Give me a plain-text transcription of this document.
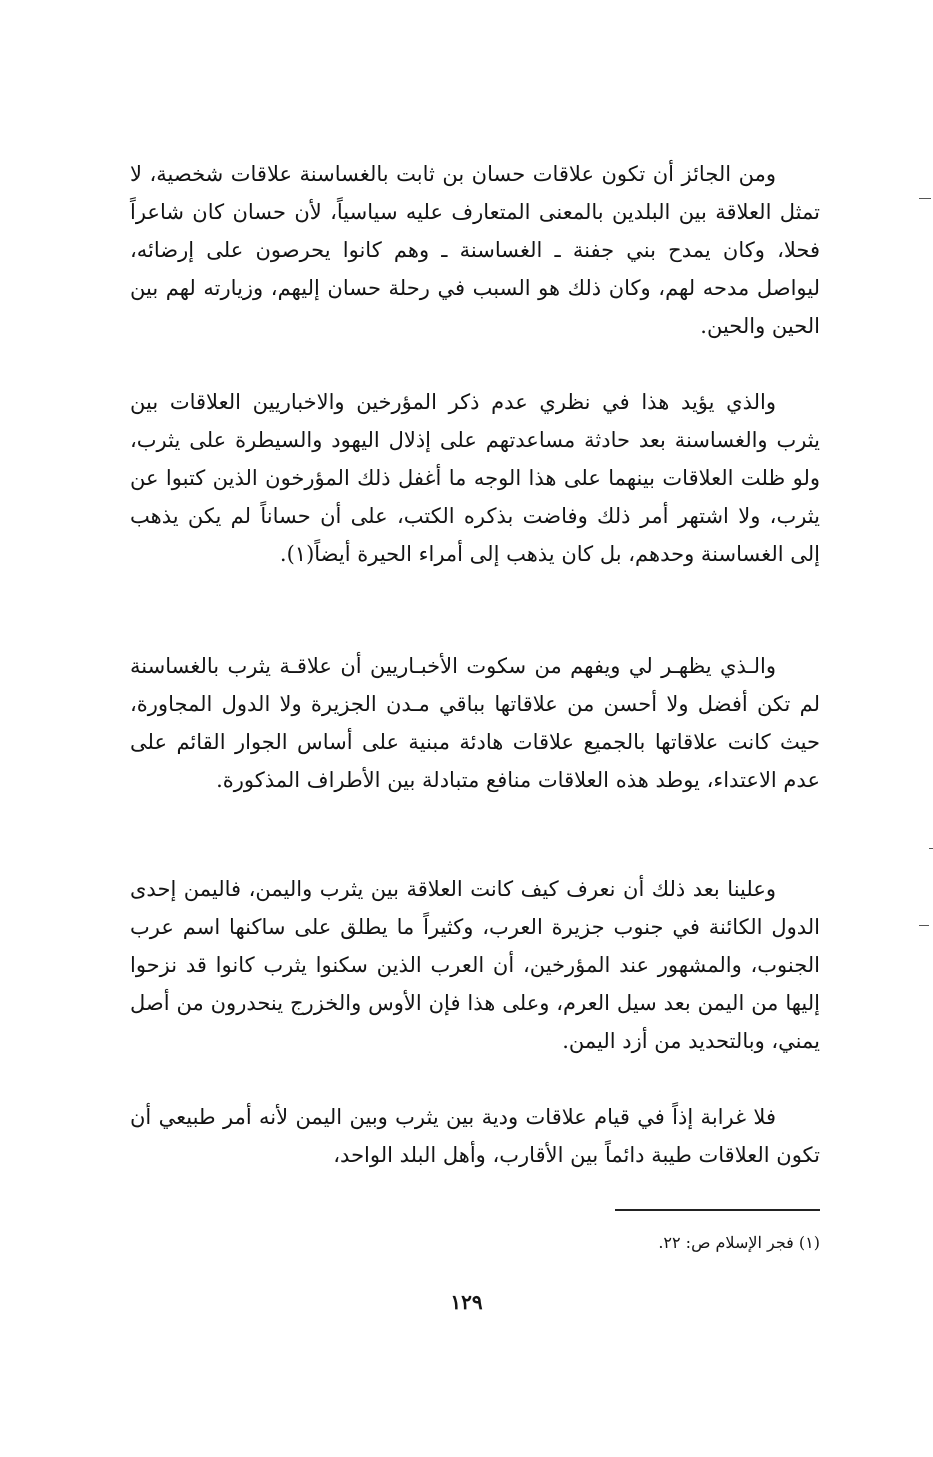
ومن الجائز أن تكون علاقات حسان بن ثابت بالغساسنة علاقات شخصية، لا تمثل العلاقة بين البلدين بالمعنى المتعارف عليه سياسياً، لأن حسان كان شاعراً فحلا، وكان يمدح بني جفنة ـ الغساسنة ـ وهم كانوا يحرصون على إرضائه، ليواصل مدحه لهم، وكان ذلك هو السبب في رحلة حسان إليهم، وزيارته لهم بين الحين والحين.

والذي يؤيد هذا في نظري عدم ذكر المؤرخين والاخباريين العلاقات بين يثرب والغساسنة بعد حادثة مساعدتهم على إذلال اليهود والسيطرة على يثرب، ولو ظلت العلاقات بينهما على هذا الوجه ما أغفل ذلك المؤرخون الذين كتبوا عن يثرب، ولا اشتهر أمر ذلك وفاضت بذكره الكتب، على أن حساناً لم يكن يذهب إلى الغساسنة وحدهم، بل كان يذهب إلى أمراء الحيرة أيضاً(١).

والـذي يظهـر لي ويفهم من سكوت الأخبـاريين أن علاقـة يثرب بالغساسنة لم تكن أفضل ولا أحسن من علاقاتها بباقي مـدن الجزيرة ولا الدول المجاورة، حيث كانت علاقاتها بالجميع علاقات هادئة مبنية على أساس الجوار القائم على عدم الاعتداء، يوطد هذه العلاقات منافع متبادلة بين الأطراف المذكورة.

وعلينا بعد ذلك أن نعرف كيف كانت العلاقة بين يثرب واليمن، فاليمن إحدى الدول الكائنة في جنوب جزيرة العرب، وكثيراً ما يطلق على ساكنها اسم عرب الجنوب، والمشهور عند المؤرخين، أن العرب الذين سكنوا يثرب كانوا قد نزحوا إليها من اليمن بعد سيل العرم، وعلى هذا فإن الأوس والخزرج ينحدرون من أصل يمني، وبالتحديد من أزد اليمن.

فلا غرابة إذاً في قيام علاقات ودية بين يثرب وبين اليمن لأنه أمر طبيعي أن تكون العلاقات طيبة دائماً بين الأقارب، وأهل البلد الواحد،

(١) فجر الإسلام ص: ٢٢.

١٢٩
